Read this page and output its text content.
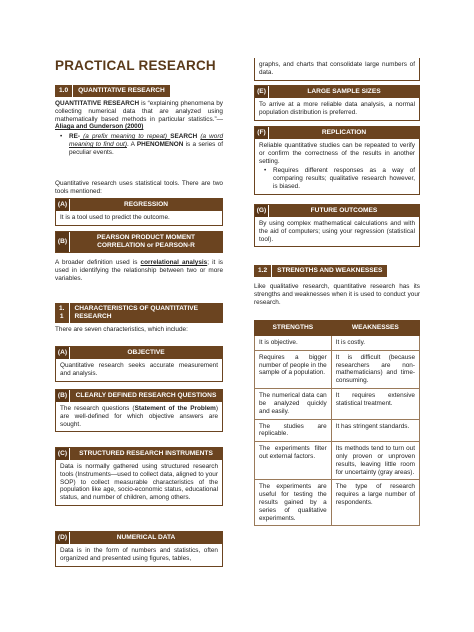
PRACTICAL RESEARCH
1.0	QUANTITATIVE RESEARCH

QUANTITATIVE RESEARCH is “explaining phenomena by collecting numerical data that are analyzed using mathematically based methods in particular statistics.”— Aliaga and Gunderson (2000)

• RE- (a prefix meaning to repeat) SEARCH (a word meaning to find out). A PHENOMENON is a series of peculiar events.

Quantitative research uses statistical tools. There are two tools mentioned:

(A)	REGRESSION
It is a tool used to predict the outcome.
(B)
PEARSON PRODUCT MOMENT CORRELATION or PEARSON-R

A broader definition used is correlational analysis; it is used in identifying the relationship between two or more variables.

1.
1
CHARACTERISTICS OF QUANTITATIVE RESEARCH

There are seven characteristics, which include:

(A)	OBJECTIVE
Quantitative research seeks accurate measurement and analysis.
(B)	CLEARLY DEFINED RESEARCH QUESTIONS
The research questions (Statement of the Problem) are well-defined for which objective answers are sought.
(C)	STRUCTURED RESEARCH INSTRUMENTS
Data is normally gathered using structured research tools (Instruments—used to collect data, aligned to your SOP) to collect measurable characteristics of the population like age, socio-economic status, educational status, and number of children, among others.
(D)	NUMERICAL DATA
Data is in the form of numbers and statistics, often organized and presented using figures, tables,
graphs, and charts that consolidate large numbers of data.
(E)	LARGE SAMPLE SIZES
To arrive at a more reliable data analysis, a normal population distribution is preferred.
(F)	REPLICATION

Reliable quantitative studies can be repeated to verify or confirm the correctness of the results in another setting.

• Requires different responses as a way of comparing results; qualitative research however, is biased.
(G)	FUTURE OUTCOMES
By using complex mathematical calculations and with the aid of computers; using your regression (statistical tool).
1.2	STRENGTHS AND WEAKNESSES

Like qualitative research, quantitative research has its strengths and weaknesses when it is used to conduct your research.

STRENGTHS	WEAKNESSES
It is objective.	It is costly.
Requires a bigger number of people in the sample of a population.	It is difficult (because researchers are non-mathematicians) and time-consuming.
The numerical data can be analyzed quickly and easily.	It requires extensive statistical treatment.
The studies are replicable.	It has stringent standards.
The experiments filter out external factors.	Its methods tend to turn out only proven or unproven results, leaving little room for uncertainty (gray areas).
The experiments are useful for testing the results gained by a series of qualitative experiments.	The type of research requires a large number of respondents.
